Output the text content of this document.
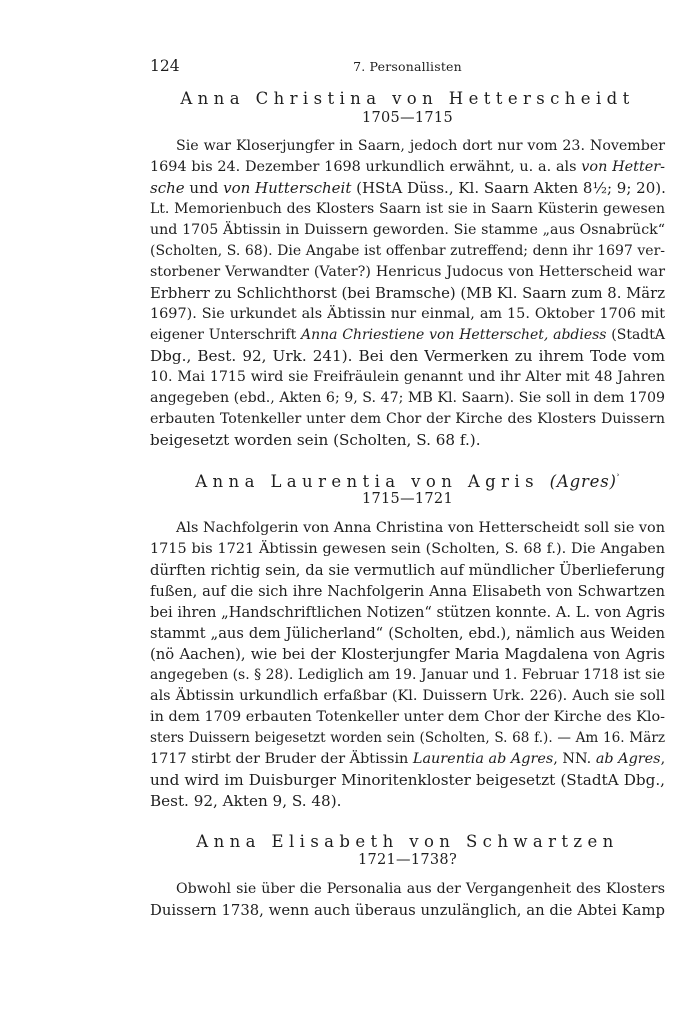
124	7. Personallisten
Anna Christina von Hetterscheidt
1705—1715
Sie war Kloserjungfer in Saarn, jedoch dort nur vom 23. November
1694 bis 24. Dezember 1698 urkundlich erwähnt, u. a. als von Hetter-
sche und von Hutterscheit (HStA Düss., Kl. Saarn Akten 8½; 9; 20).
Lt. Memorienbuch des Klosters Saarn ist sie in Saarn Küsterin gewesen
und 1705 Äbtissin in Duissern geworden. Sie stamme „aus Osnabrück“
(Scholten, S. 68). Die Angabe ist offenbar zutreffend; denn ihr 1697 ver-
storbener Verwandter (Vater?) Henricus Judocus von Hetterscheid war
Erbherr zu Schlichthorst (bei Bramsche) (MB Kl. Saarn zum 8. März
1697). Sie urkundet als Äbtissin nur einmal, am 15. Oktober 1706 mit
eigener Unterschrift Anna Chriestiene von Hetterschet, abdiess (StadtA
Dbg., Best. 92, Urk. 241). Bei den Vermerken zu ihrem Tode vom
10. Mai 1715 wird sie Freifräulein genannt und ihr Alter mit 48 Jahren
angegeben (ebd., Akten 6; 9, S. 47; MB Kl. Saarn). Sie soll in dem 1709
erbauten Totenkeller unter dem Chor der Kirche des Klosters Duissern
beigesetzt worden sein (Scholten, S. 68 f.).
Anna Laurentia von Agris (Agres)$^ʾ$
1715—1721
Als Nachfolgerin von Anna Christina von Hetterscheidt soll sie von
1715 bis 1721 Äbtissin gewesen sein (Scholten, S. 68 f.). Die Angaben
dürften richtig sein, da sie vermutlich auf mündlicher Überlieferung
fußen, auf die sich ihre Nachfolgerin Anna Elisabeth von Schwartzen
bei ihren „Handschriftlichen Notizen“ stützen konnte. A. L. von Agris
stammt „aus dem Jülicherland“ (Scholten, ebd.), nämlich aus Weiden
(nö Aachen), wie bei der Klosterjungfer Maria Magdalena von Agris
angegeben (s. § 28). Lediglich am 19. Januar und 1. Februar 1718 ist sie
als Äbtissin urkundlich erfaßbar (Kl. Duissern Urk. 226). Auch sie soll
in dem 1709 erbauten Totenkeller unter dem Chor der Kirche des Klo-
sters Duissern beigesetzt worden sein (Scholten, S. 68 f.). — Am 16. März
1717 stirbt der Bruder der Äbtissin Laurentia ab Agres, NN. ab Agres,
und wird im Duisburger Minoritenkloster beigesetzt (StadtA Dbg.,
Best. 92, Akten 9, S. 48).
Anna Elisabeth von Schwartzen
1721—1738?
Obwohl sie über die Personalia aus der Vergangenheit des Klosters
Duissern 1738, wenn auch überaus unzulänglich, an die Abtei Kamp
